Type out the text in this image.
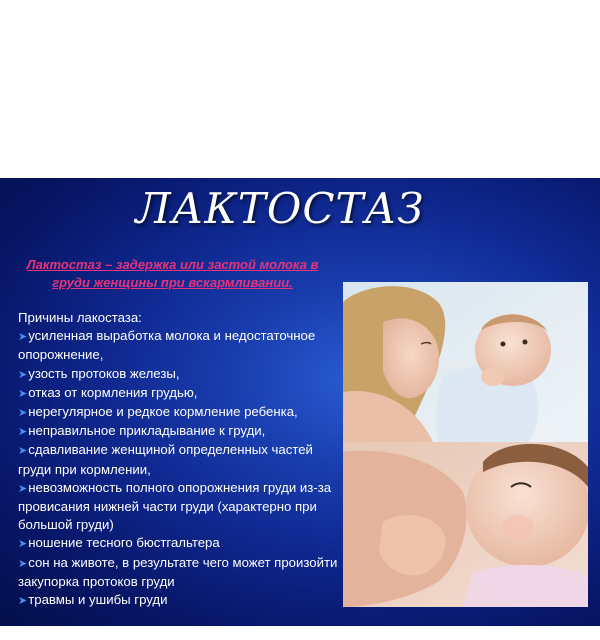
ЛАКТОСТАЗ
Лактостаз – задержка или застой молока в груди женщины при вскармливании.
Причины лакостаза:
➤усиленная выработка молока и недостаточное опорожнение,
➤узость протоков железы,
➤отказ от кормления грудью,
➤нерегулярное и редкое кормление ребенка,
➤неправильное прикладывание к груди,
➤сдавливание женщиной определенных частей груди при кормлении,
➤невозможность полного опорожнения груди из-за провисания нижней части груди (характерно при большой груди)
➤ношение тесного бюстгальтера
➤сон на животе, в результате чего может произойти закупорка протоков груди
➤травмы и ушибы груди
